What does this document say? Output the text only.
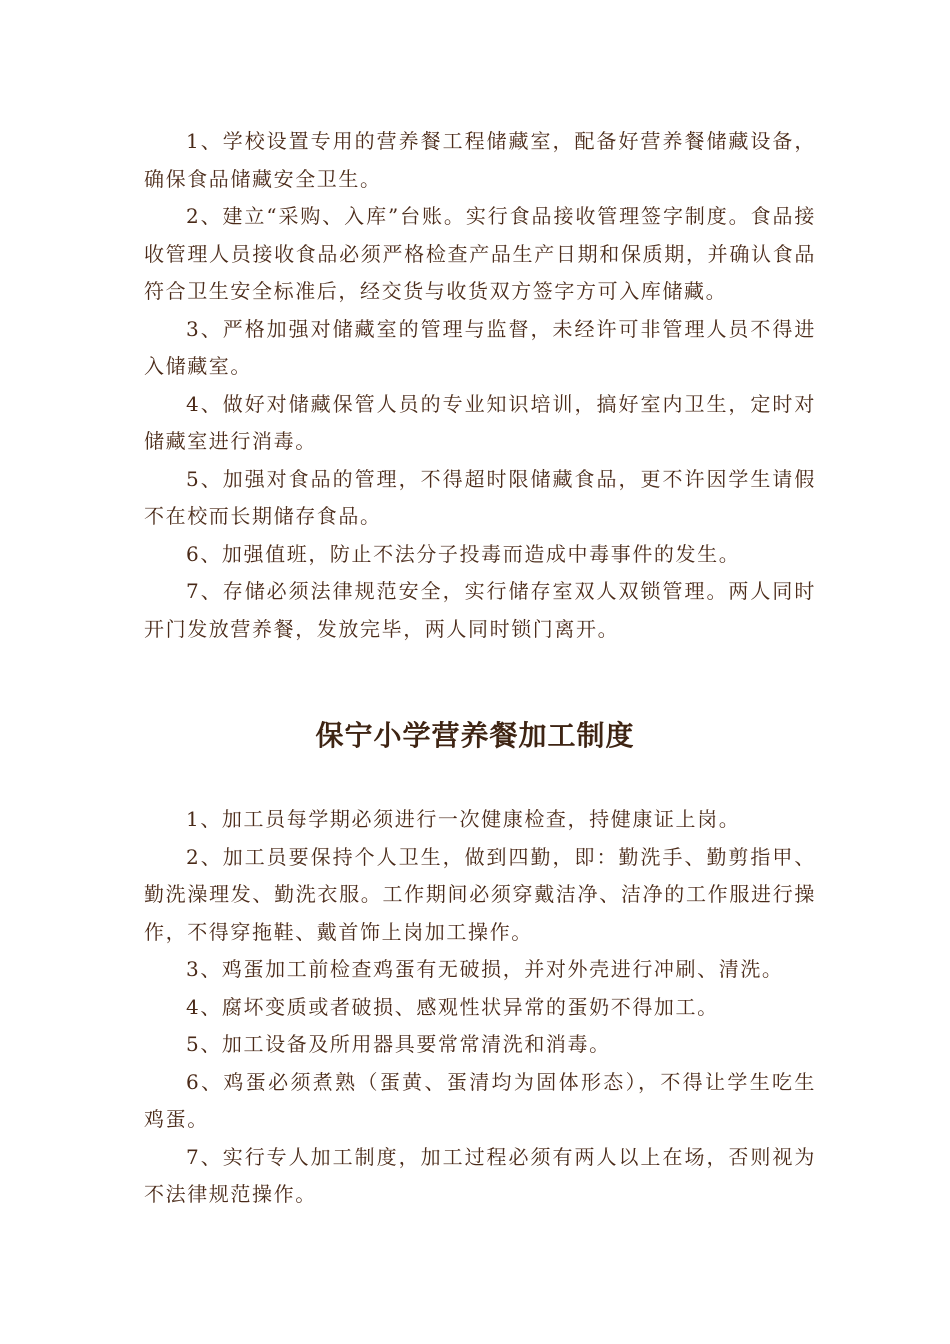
1、学校设置专用的营养餐工程储藏室，配备好营养餐储藏设备，确保食品储藏安全卫生。

2、建立“采购、入库”台账。实行食品接收管理签字制度。食品接收管理人员接收食品必须严格检查产品生产日期和保质期，并确认食品符合卫生安全标准后，经交货与收货双方签字方可入库储藏。

3、严格加强对储藏室的管理与监督，未经许可非管理人员不得进入储藏室。

4、做好对储藏保管人员的专业知识培训，搞好室内卫生，定时对储藏室进行消毒。

5、加强对食品的管理，不得超时限储藏食品，更不许因学生请假不在校而长期储存食品。

6、加强值班，防止不法分子投毒而造成中毒事件的发生。

7、存储必须法律规范安全，实行储存室双人双锁管理。两人同时开门发放营养餐，发放完毕，两人同时锁门离开。

保宁小学营养餐加工制度

1、加工员每学期必须进行一次健康检查，持健康证上岗。

2、加工员要保持个人卫生，做到四勤，即：勤洗手、勤剪指甲、勤洗澡理发、勤洗衣服。工作期间必须穿戴洁净、洁净的工作服进行操作，不得穿拖鞋、戴首饰上岗加工操作。

3、鸡蛋加工前检查鸡蛋有无破损，并对外壳进行冲刷、清洗。

4、腐坏变质或者破损、感观性状异常的蛋奶不得加工。

5、加工设备及所用器具要常常清洗和消毒。

6、鸡蛋必须煮熟（蛋黄、蛋清均为固体形态），不得让学生吃生鸡蛋。

7、实行专人加工制度，加工过程必须有两人以上在场，否则视为不法律规范操作。
